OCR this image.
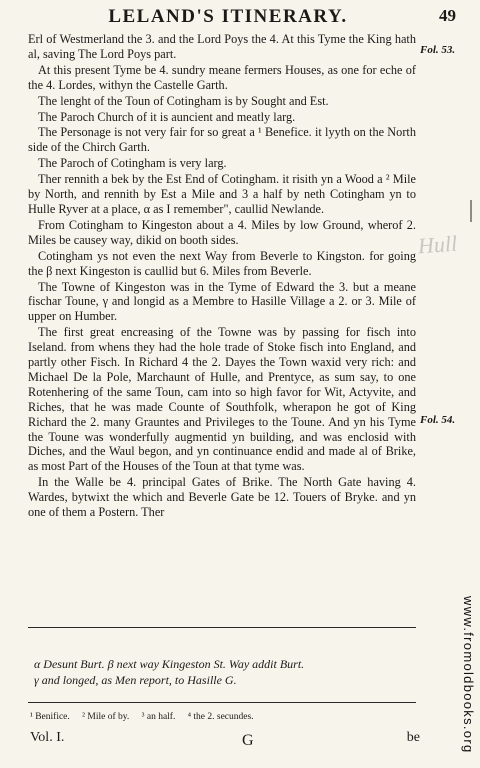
LELAND'S ITINERARY.	49

Erl of Westmerland the 3. and the Lord Poys the 4. At this Tyme the King hath al, saving The Lord Poys part.

At this present Tyme be 4. sundry meane fermers Houses, as one for eche of the 4. Lordes, withyn the Castelle Garth.

The lenght of the Toun of Cotingham is by Sought and Est.

The Paroch Church of it is auncient and meatly larg.

The Personage is not very fair for so great a ¹ Benefice. it lyyth on the North side of the Chirch Garth.

The Paroch of Cotingham is very larg.

Ther rennith a bek by the Est End of Cotingham. it risith yn a Wood a ² Mile by North, and rennith by Est a Mile and 3 a half by neth Cotingham yn to Hulle Ryver at a place, α as I remember", caullid Newlande.

From Cotingham to Kingeston about a 4. Miles by low Ground, wherof 2. Miles be causey way, dikid on booth sides.

Cotingham ys not even the next Way from Beverle to Kingston. for going the β next Kingeston is caullid but 6. Miles from Beverle.

The Towne of Kingeston was in the Tyme of Edward the 3. but a meane fischar Toune, γ and longid as a Membre to Hasille Village a 2. or 3. Mile of upper on Humber.

The first great encreasing of the Towne was by passing for fisch into Iseland. from whens they had the hole trade of Stoke fisch into England, and partly other Fisch. In Richard 4 the 2. Dayes the Town waxid very rich: and Michael De la Pole, Marchaunt of Hulle, and Prentyce, as sum say, to one Rotenhering of the same Toun, cam into so high favor for Wit, Actyvite, and Riches, that he was made Counte of Southfolk, wherapon he got of King Richard the 2. many Grauntes and Privileges to the Toune. And yn his Tyme the Toune was wonderfully augmentid yn building, and was enclosid with Diches, and the Waul begon, and yn continuance endid and made al of Brike, as most Part of the Houses of the Toun at that tyme was.

In the Walle be 4. principal Gates of Brike. The North Gate having 4. Wardes, bytwixt the which and Beverle Gate be 12. Touers of Bryke. and yn one of them a Postern. Ther

Fol. 53.
Fol. 54.
Hull

α Desunt Burt. β next way Kingeston St. Way addit Burt.

γ and longed, as Men report, to Hasille G.

¹ Benifice. ² Mile of by. ³ an half. ⁴ the 2. secundes.
Vol. I.	G	be	www.fromoldbooks.org
